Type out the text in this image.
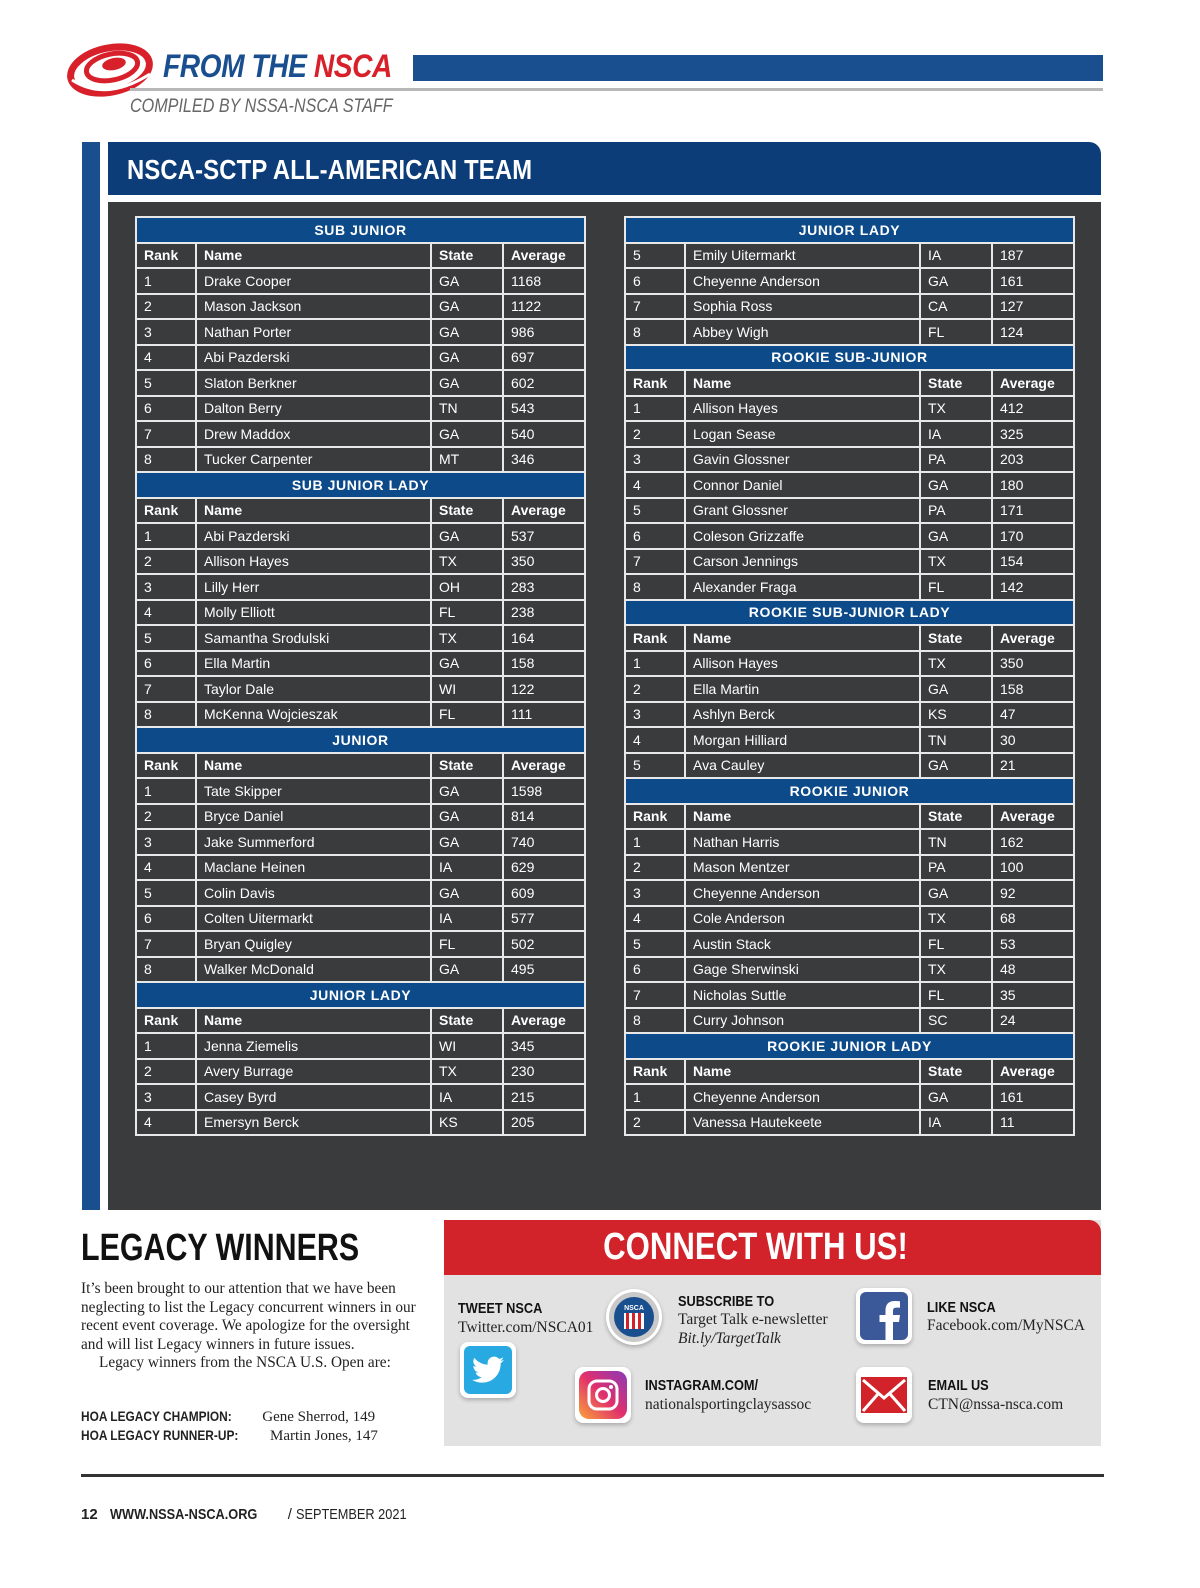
FROM THE NSCA
COMPILED BY NSSA-NSCA STAFF
NSCA-SCTP ALL-AMERICAN TEAM
SUB JUNIOR			
Rank	Name	State	Average
1	Drake Cooper	GA	1168
2	Mason Jackson	GA	1122
3	Nathan Porter	GA	986
4	Abi Pazderski	GA	697
5	Slaton Berkner	GA	602
6	Dalton Berry	TN	543
7	Drew Maddox	GA	540
8	Tucker Carpenter	MT	346
SUB JUNIOR LADY			
Rank	Name	State	Average
1	Abi Pazderski	GA	537
2	Allison Hayes	TX	350
3	Lilly Herr	OH	283
4	Molly Elliott	FL	238
5	Samantha Srodulski	TX	164
6	Ella Martin	GA	158
7	Taylor Dale	WI	122
8	McKenna Wojcieszak	FL	111
JUNIOR			
Rank	Name	State	Average
1	Tate Skipper	GA	1598
2	Bryce Daniel	GA	814
3	Jake Summerford	GA	740
4	Maclane Heinen	IA	629
5	Colin Davis	GA	609
6	Colten Uitermarkt	IA	577
7	Bryan Quigley	FL	502
8	Walker McDonald	GA	495
JUNIOR LADY			
Rank	Name	State	Average
1	Jenna Ziemelis	WI	345
2	Avery Burrage	TX	230
3	Casey Byrd	IA	215
4	Emersyn Berck	KS	205
JUNIOR LADY			
5	Emily Uitermarkt	IA	187
6	Cheyenne Anderson	GA	161
7	Sophia Ross	CA	127
8	Abbey Wigh	FL	124
ROOKIE SUB-JUNIOR			
Rank	Name	State	Average
1	Allison Hayes	TX	412
2	Logan Sease	IA	325
3	Gavin Glossner	PA	203
4	Connor Daniel	GA	180
5	Grant Glossner	PA	171
6	Coleson Grizzaffe	GA	170
7	Carson Jennings	TX	154
8	Alexander Fraga	FL	142
ROOKIE SUB-JUNIOR LADY			
Rank	Name	State	Average
1	Allison Hayes	TX	350
2	Ella Martin	GA	158
3	Ashlyn Berck	KS	47
4	Morgan Hilliard	TN	30
5	Ava Cauley	GA	21
ROOKIE JUNIOR			
Rank	Name	State	Average
1	Nathan Harris	TN	162
2	Mason Mentzer	PA	100
3	Cheyenne Anderson	GA	92
4	Cole Anderson	TX	68
5	Austin Stack	FL	53
6	Gage Sherwinski	TX	48
7	Nicholas Suttle	FL	35
8	Curry Johnson	SC	24
ROOKIE JUNIOR LADY			
Rank	Name	State	Average
1	Cheyenne Anderson	GA	161
2	Vanessa Hautekeete	IA	11
LEGACY WINNERS

It’s been brought to our attention that we have been neglecting to list the Legacy concurrent winners in our recent event coverage. We apologize for the oversight and will list Legacy winners in future issues.

Legacy winners from the NSCA U.S. Open are:

HOA LEGACY CHAMPION: Gene Sherrod, 149
HOA LEGACY RUNNER-UP: Martin Jones, 147
CONNECT WITH US!
TWEET NSCA
Twitter.com/NSCA01
NSCA SUBSCRIBE TO
Target Talk e-newsletter
Bit.ly/TargetTalk
LIKE NSCA
Facebook.com/MyNSCA
INSTAGRAM.COM/
nationalsportingclaysassoc
EMAIL US
CTN@nssa-nsca.com
12 WWW.NSSA-NSCA.ORG / SEPTEMBER 2021
